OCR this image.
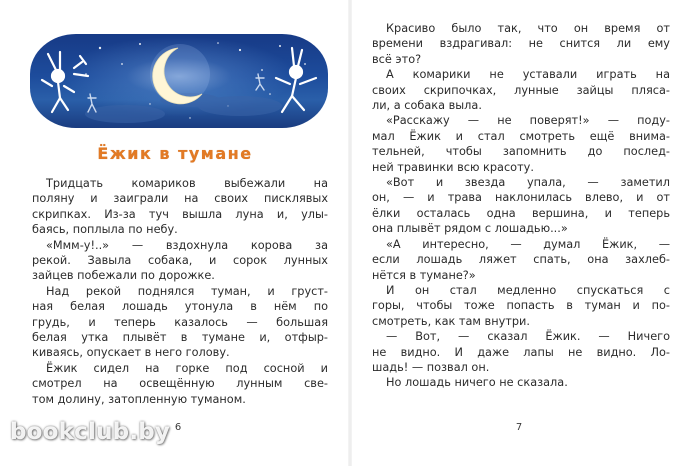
Ёжик в тумане
Тридцать комариков выбежали на
поляну и заиграли на своих писклявых
скрипках. Из-за туч вышла луна и, улы-
баясь, поплыла по небу.
«Ммм-у!..» — вздохнула корова за
рекой. Завыла собака, и сорок лунных
зайцев побежали по дорожке.
Над рекой поднялся туман, и груст-
ная белая лошадь утонула в нём по
грудь, и теперь казалось — большая
белая утка плывёт в тумане и, отфыр-
киваясь, опускает в него голову.
Ёжик сидел на горке под сосной и
смотрел на освещённую лунным све-
том долину, затопленную туманом.
6	7
Красиво было так, что он время от
времени вздрагивал: не снится ли ему
всё это?
А комарики не уставали играть на
своих скрипочках, лунные зайцы пляса-
ли, а собака выла.
«Расскажу — не поверят!» — поду-
мал Ёжик и стал смотреть ещё внима-
тельней, чтобы запомнить до послед-
ней травинки всю красоту.
«Вот и звезда упала, — заметил
он, — и трава наклонилась влево, и от
ёлки осталась одна вершина, и теперь
она плывёт рядом с лошадью...»
«А интересно, — думал Ёжик, —
если лошадь ляжет спать, она захлеб-
нётся в тумане?»
И он стал медленно спускаться с
горы, чтобы тоже попасть в туман и по-
смотреть, как там внутри.
— Вот, — сказал Ёжик. — Ничего
не видно. И даже лапы не видно. Ло-
шадь! — позвал он.
Но лошадь ничего не сказала.
bookclub.by
